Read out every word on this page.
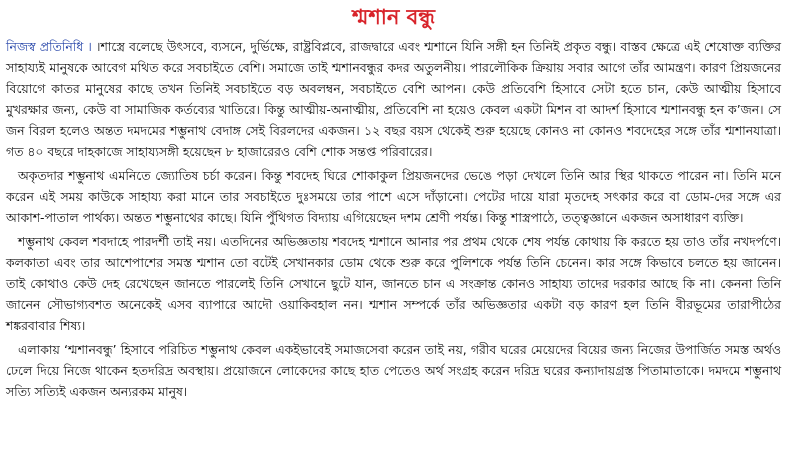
শ্মশান বন্ধু

নিজস্ব প্রতিনিধি । ।শাস্ত্রে বলেছে উৎসবে, ব্যসনে, দুর্ভিক্ষে, রাষ্ট্রবিপ্লবে, রাজদ্বারে এবং শ্মশানে যিনি সঙ্গী হন তিনিই প্রকৃত বন্ধু। বাস্তব ক্ষেত্রে এই শেষোক্ত ব্যক্তির সাহায্যই মানুষকে আবেগ মথিত করে সবচাইতে বেশি। সমাজে তাই শ্মশানবন্ধুর কদর অতুলনীয়। পারলৌকিক ক্রিয়ায় সবার আগে তাঁর আমন্ত্রণ। কারণ প্রিয়জনের বিয়োগে কাতর মানুষের কাছে তখন তিনিই সবচাইতে বড় অবলম্বন, সবচাইতে বেশি আপন। কেউ প্রতিবেশি হিসাবে সেটা হতে চান, কেউ আত্মীয় হিসাবে মুখরক্ষার জন্য, কেউ বা সামাজিক কর্তব্যের খাতিরে। কিন্তু আত্মীয়-অনাত্মীয়, প্রতিবেশি না হয়েও কেবল একটা মিশন বা আদর্শ হিসাবে শ্মশানবন্ধু হন ক’জন। সে জন বিরল হলেও অন্তত দমদমের শম্ভুনাথ বেদাঙ্গ সেই বিরলদের একজন। ১২ বছর বয়স থেকেই শুরু হয়েছে কোনও না কোনও শবদেহের সঙ্গে তাঁর শ্মশানযাত্রা। গত ৪০ বছরে দাহকাজে সাহায্যসঙ্গী হয়েছেন ৮ হাজারেরও বেশি শোক সন্তপ্ত পরিবারের।

অকৃতদার শম্ভুনাথ এমনিতে জ্যোতিষ চর্চা করেন। কিন্তু শবদেহ ঘিরে শোকাকুল প্রিয়জনদের ভেঙে পড়া দেখলে তিনি আর স্থির থাকতে পারেন না। তিনি মনে করেন এই সময় কাউকে সাহায্য করা মানে তার সবচাইতে দুঃসময়ে তার পাশে এসে দাঁড়ানো। পেটের দায়ে যারা মৃতদেহ সৎকার করে বা ডোম-দের সঙ্গে এর আকাশ-পাতাল পার্থক্য। অন্তত শম্ভুনাথের কাছে। যিনি পুঁথিগত বিদ্যায় এগিয়েছেন দশম শ্রেণী পর্যন্ত। কিন্তু শাস্ত্রপাঠে, তত্ত্বজ্ঞানে একজন অসাধারণ ব্যক্তি।

শম্ভুনাথ কেবল শবদাহে পারদর্শী তাই নয়। এতদিনের অভিজ্ঞতায় শবদেহ শ্মশানে আনার পর প্রথম থেকে শেষ পর্যন্ত কোথায় কি করতে হয় তাও তাঁর নখদর্পণে। কলকাতা এবং তার আশেপাশের সমস্ত শ্মশান তো বটেই সেখানকার ডোম থেকে শুরু করে পুলিশকে পর্যন্ত তিনি চেনেন। কার সঙ্গে কিভাবে চলতে হয় জানেন। তাই কোথাও কেউ দেহ রেখেছেন জানতে পারলেই তিনি সেখানে ছুটে যান, জানতে চান এ সংক্রান্ত কোনও সাহায্য তাদের দরকার আছে কি না। কেননা তিনি জানেন সৌভাগ্যবশত অনেকেই এসব ব্যাপারে আদৌ ওয়াকিবহাল নন। শ্মশান সম্পর্কে তাঁর অভিজ্ঞতার একটা বড় কারণ হল তিনি বীরভূমের তারাপীঠের শঙ্করবাবার শিষ্য।

এলাকায় ‘শ্মশানবন্ধু’ হিসাবে পরিচিত শম্ভুনাথ কেবল একইভাবেই সমাজসেবা করেন তাই নয়, গরীব ঘরের মেয়েদের বিয়ের জন্য নিজের উপার্জিত সমস্ত অর্থও ঢেলে দিয়ে নিজে থাকেন হতদরিদ্র অবস্থায়। প্রয়োজনে লোকেদের কাছে হাত পেতেও অর্থ সংগ্রহ করেন দরিদ্র ঘরের কন্যাদায়গ্রস্ত পিতামাতাকে। দমদমে শম্ভুনাথ সত্যি সত্যিই একজন অন্যরকম মানুষ।
